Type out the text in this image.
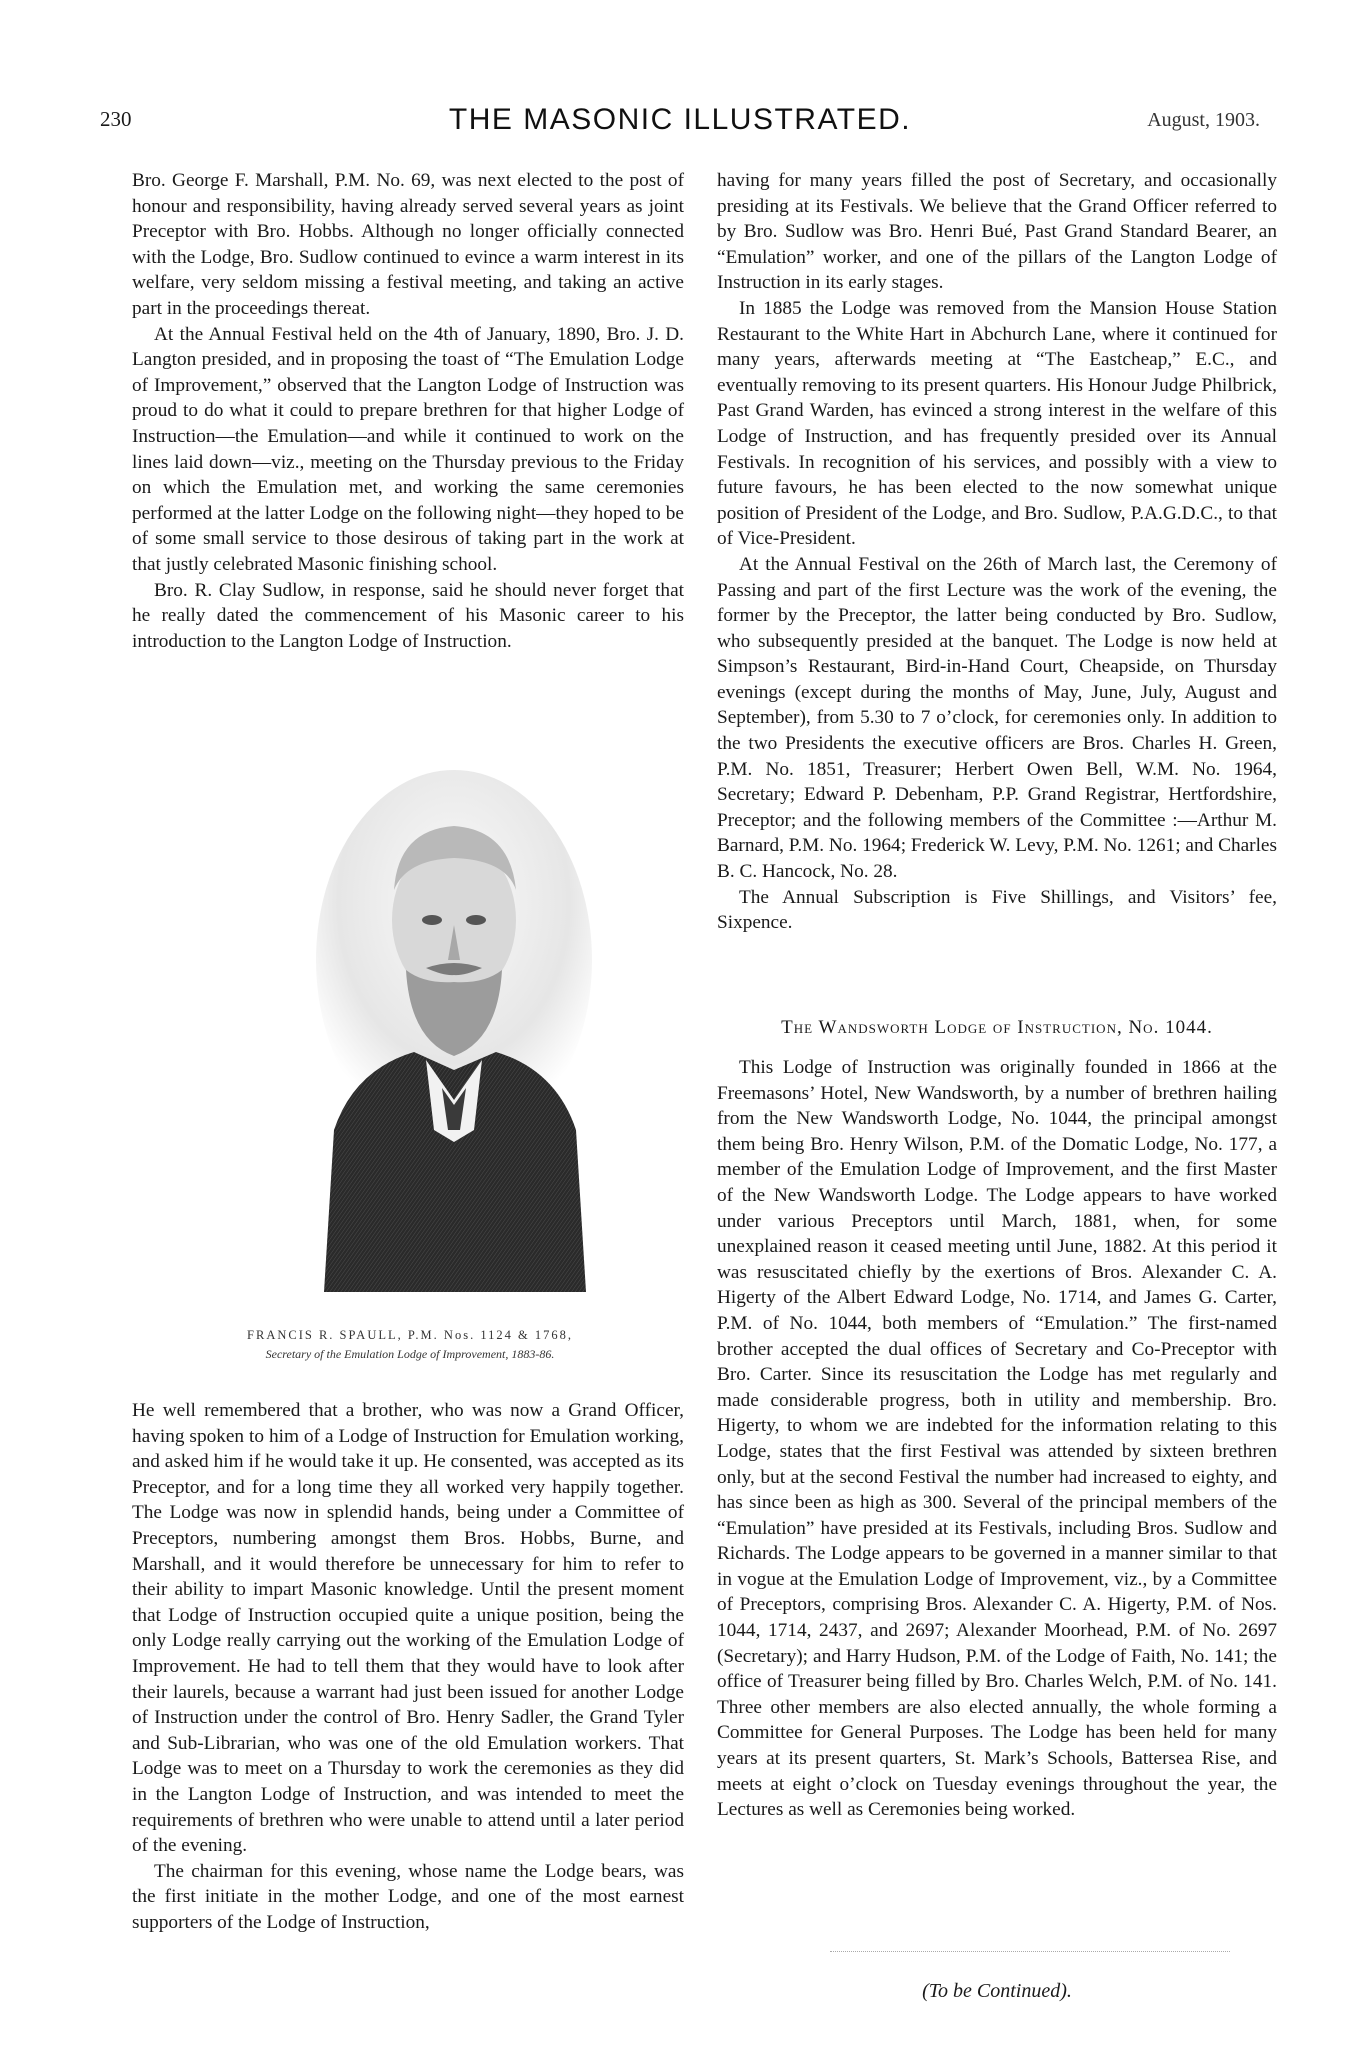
230	THE MASONIC ILLUSTRATED.	August, 1903.

Bro. George F. Marshall, P.M. No. 69, was next elected to the post of honour and responsibility, having already served several years as joint Preceptor with Bro. Hobbs. Although no longer officially connected with the Lodge, Bro. Sudlow continued to evince a warm interest in its welfare, very seldom missing a festival meeting, and taking an active part in the proceedings thereat.

At the Annual Festival held on the 4th of January, 1890, Bro. J. D. Langton presided, and in proposing the toast of “The Emulation Lodge of Improvement,” observed that the Langton Lodge of Instruction was proud to do what it could to prepare brethren for that higher Lodge of Instruction—the Emulation—and while it continued to work on the lines laid down—viz., meeting on the Thursday previous to the Friday on which the Emulation met, and working the same ceremonies performed at the latter Lodge on the following night—they hoped to be of some small service to those desirous of taking part in the work at that justly celebrated Masonic finishing school.

Bro. R. Clay Sudlow, in response, said he should never forget that he really dated the commencement of his Masonic career to his introduction to the Langton Lodge of Instruction.

FRANCIS R. SPAULL, P.M. Nos. 1124 & 1768,
Secretary of the Emulation Lodge of Improvement, 1883-86.

He well remembered that a brother, who was now a Grand Officer, having spoken to him of a Lodge of Instruction for Emulation working, and asked him if he would take it up. He consented, was accepted as its Preceptor, and for a long time they all worked very happily together. The Lodge was now in splendid hands, being under a Committee of Preceptors, numbering amongst them Bros. Hobbs, Burne, and Marshall, and it would therefore be unnecessary for him to refer to their ability to impart Masonic knowledge. Until the present moment that Lodge of Instruction occupied quite a unique position, being the only Lodge really carrying out the working of the Emulation Lodge of Improvement. He had to tell them that they would have to look after their laurels, because a warrant had just been issued for another Lodge of Instruction under the control of Bro. Henry Sadler, the Grand Tyler and Sub-Librarian, who was one of the old Emulation workers. That Lodge was to meet on a Thursday to work the ceremonies as they did in the Langton Lodge of Instruction, and was intended to meet the requirements of brethren who were unable to attend until a later period of the evening.

The chairman for this evening, whose name the Lodge bears, was the first initiate in the mother Lodge, and one of the most earnest supporters of the Lodge of Instruction,

having for many years filled the post of Secretary, and occasionally presiding at its Festivals. We believe that the Grand Officer referred to by Bro. Sudlow was Bro. Henri Bué, Past Grand Standard Bearer, an “Emulation” worker, and one of the pillars of the Langton Lodge of Instruction in its early stages.

In 1885 the Lodge was removed from the Mansion House Station Restaurant to the White Hart in Abchurch Lane, where it continued for many years, afterwards meeting at “The Eastcheap,” E.C., and eventually removing to its present quarters. His Honour Judge Philbrick, Past Grand Warden, has evinced a strong interest in the welfare of this Lodge of Instruction, and has frequently presided over its Annual Festivals. In recognition of his services, and possibly with a view to future favours, he has been elected to the now somewhat unique position of President of the Lodge, and Bro. Sudlow, P.A.G.D.C., to that of Vice-President.

At the Annual Festival on the 26th of March last, the Ceremony of Passing and part of the first Lecture was the work of the evening, the former by the Preceptor, the latter being conducted by Bro. Sudlow, who subsequently presided at the banquet. The Lodge is now held at Simpson’s Restaurant, Bird-in-Hand Court, Cheapside, on Thursday evenings (except during the months of May, June, July, August and September), from 5.30 to 7 o’clock, for ceremonies only. In addition to the two Presidents the executive officers are Bros. Charles H. Green, P.M. No. 1851, Treasurer; Herbert Owen Bell, W.M. No. 1964, Secretary; Edward P. Debenham, P.P. Grand Registrar, Hertfordshire, Preceptor; and the following members of the Committee :—Arthur M. Barnard, P.M. No. 1964; Frederick W. Levy, P.M. No. 1261; and Charles B. C. Hancock, No. 28.

The Annual Subscription is Five Shillings, and Visitors’ fee, Sixpence.

The Wandsworth Lodge of Instruction, No. 1044.

This Lodge of Instruction was originally founded in 1866 at the Freemasons’ Hotel, New Wandsworth, by a number of brethren hailing from the New Wandsworth Lodge, No. 1044, the principal amongst them being Bro. Henry Wilson, P.M. of the Domatic Lodge, No. 177, a member of the Emulation Lodge of Improvement, and the first Master of the New Wandsworth Lodge. The Lodge appears to have worked under various Preceptors until March, 1881, when, for some unexplained reason it ceased meeting until June, 1882. At this period it was resuscitated chiefly by the exertions of Bros. Alexander C. A. Higerty of the Albert Edward Lodge, No. 1714, and James G. Carter, P.M. of No. 1044, both members of “Emulation.” The first-named brother accepted the dual offices of Secretary and Co-Preceptor with Bro. Carter. Since its resuscitation the Lodge has met regularly and made considerable progress, both in utility and membership. Bro. Higerty, to whom we are indebted for the information relating to this Lodge, states that the first Festival was attended by sixteen brethren only, but at the second Festival the number had increased to eighty, and has since been as high as 300. Several of the principal members of the “Emulation” have presided at its Festivals, including Bros. Sudlow and Richards. The Lodge appears to be governed in a manner similar to that in vogue at the Emulation Lodge of Improvement, viz., by a Committee of Preceptors, comprising Bros. Alexander C. A. Higerty, P.M. of Nos. 1044, 1714, 2437, and 2697; Alexander Moorhead, P.M. of No. 2697 (Secretary); and Harry Hudson, P.M. of the Lodge of Faith, No. 141; the office of Treasurer being filled by Bro. Charles Welch, P.M. of No. 141. Three other members are also elected annually, the whole forming a Committee for General Purposes. The Lodge has been held for many years at its present quarters, St. Mark’s Schools, Battersea Rise, and meets at eight o’clock on Tuesday evenings throughout the year, the Lectures as well as Ceremonies being worked.

(To be Continued).
